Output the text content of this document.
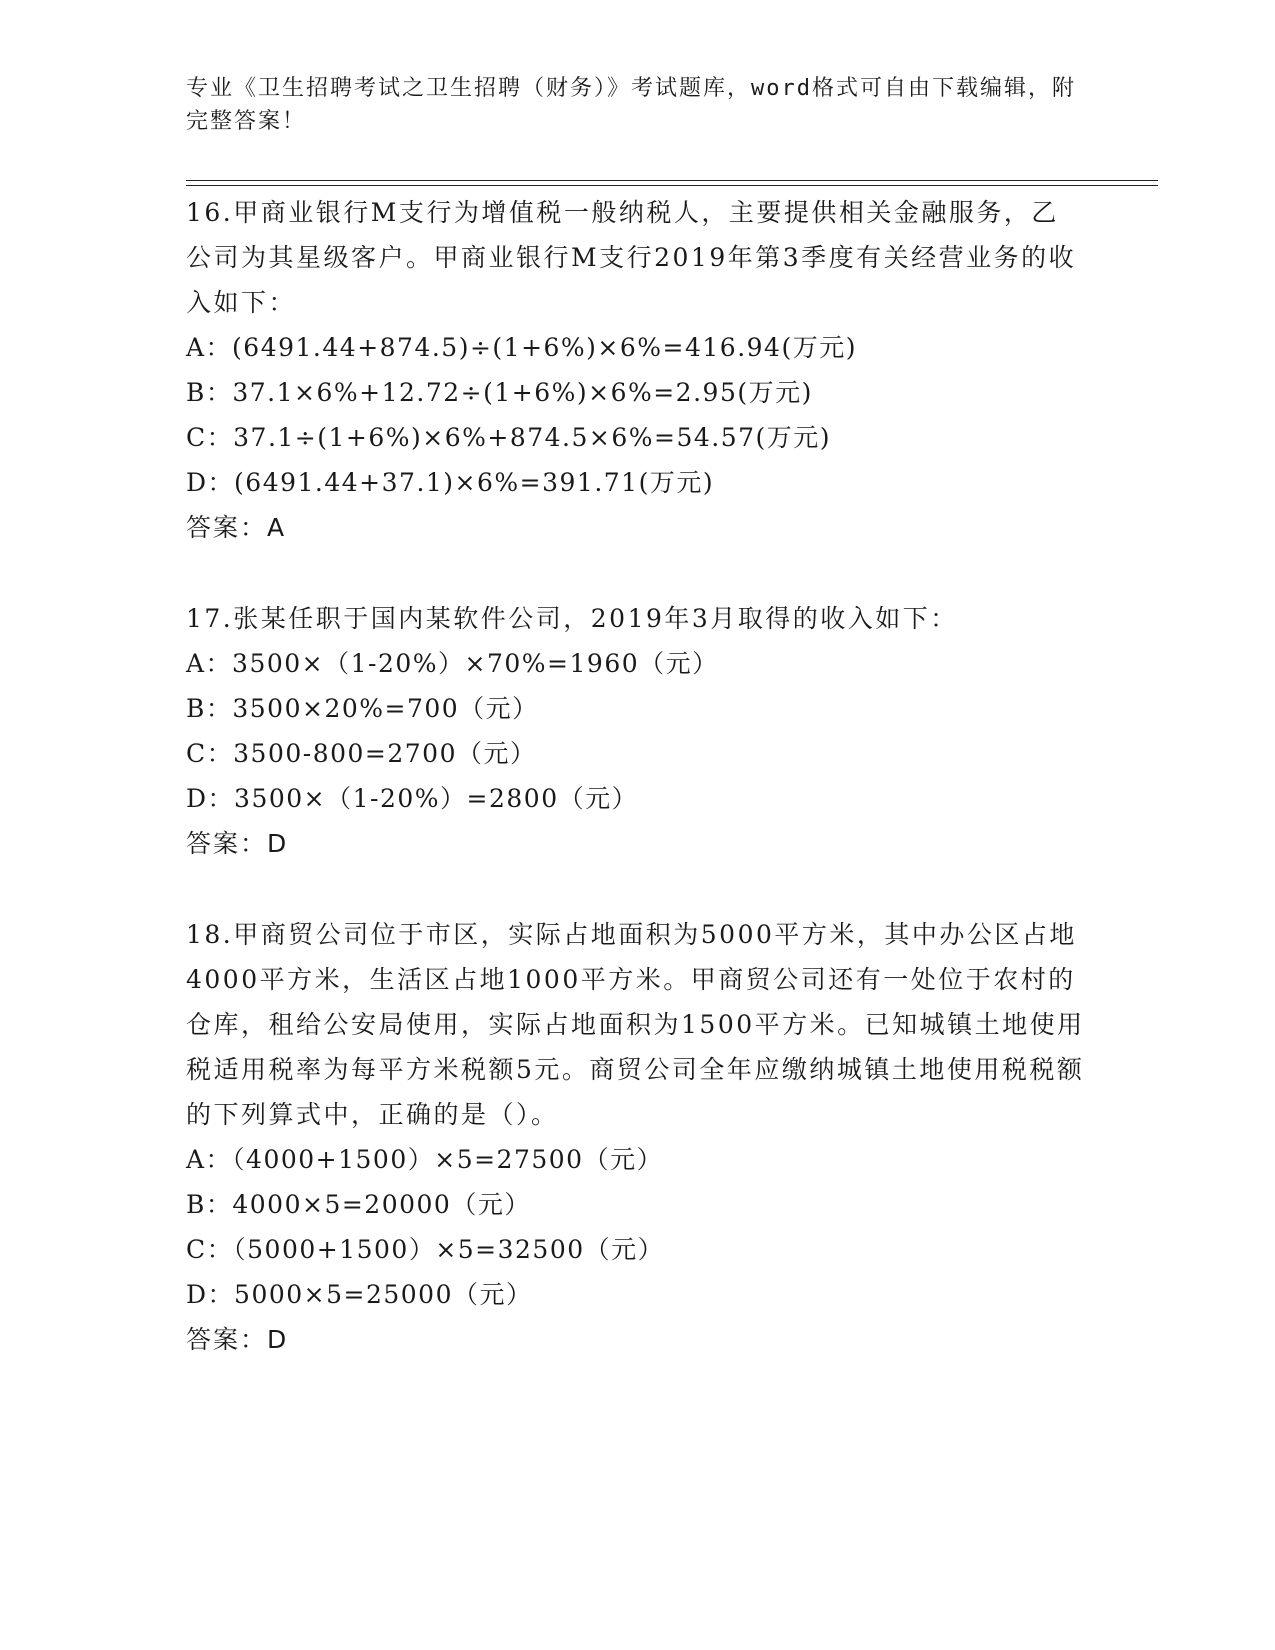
专业《卫生招聘考试之卫生招聘（财务）》考试题库，word格式可自由下载编辑，附完整答案！

16.甲商业银行M支行为增值税一般纳税人，主要提供相关金融服务，乙公司为其星级客户。甲商业银行M支行2019年第3季度有关经营业务的收入如下：

A：(6491.44+874.5)÷(1+6%)×6%=416.94(万元)

B：37.1×6%+12.72÷(1+6%)×6%=2.95(万元)

C：37.1÷(1+6%)×6%+874.5×6%=54.57(万元)

D：(6491.44+37.1)×6%=391.71(万元)

答案：A

17.张某任职于国内某软件公司，2019年3月取得的收入如下：

A：3500×（1-20%）×70%=1960（元）

B：3500×20%=700（元）

C：3500-800=2700（元）

D：3500×（1-20%）=2800（元）

答案：D

18.甲商贸公司位于市区，实际占地面积为5000平方米，其中办公区占地4000平方米，生活区占地1000平方米。甲商贸公司还有一处位于农村的仓库，租给公安局使用，实际占地面积为1500平方米。已知城镇土地使用税适用税率为每平方米税额5元。商贸公司全年应缴纳城镇土地使用税税额的下列算式中，正确的是（）。

A：（4000+1500）×5=27500（元）

B：4000×5=20000（元）

C：（5000+1500）×5=32500（元）

D：5000×5=25000（元）

答案：D
